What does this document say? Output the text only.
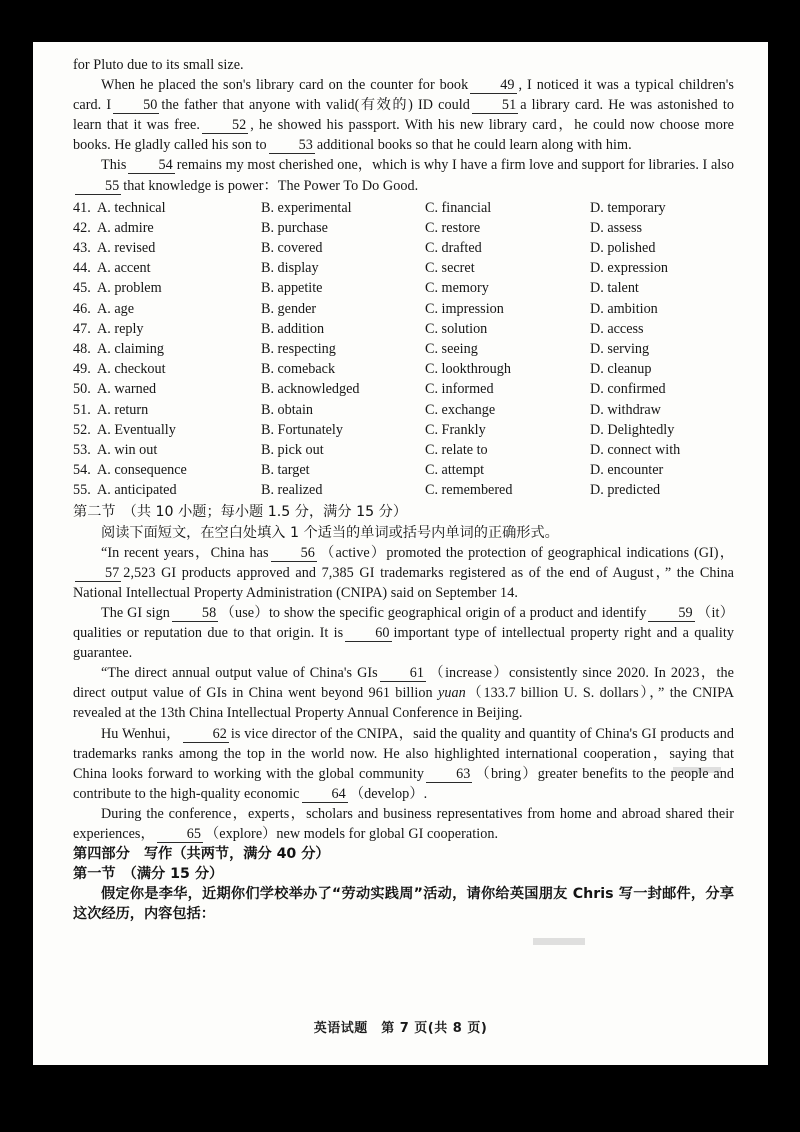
for Pluto due to its small size.

When he placed the son's library card on the counter for book 49 , I noticed it was a typical children's card. I 50 the father that anyone with valid(有效的) ID could 51 a library card. He was astonished to learn that it was free. 52 , he showed his passport. With his new library card，he could now choose more books. He gladly called his son to 53 additional books so that he could learn along with him.

This 54 remains my most cherished one，which is why I have a firm love and support for libraries. I also55 that knowledge is power：The Power To Do Good.

41. A. technical	B. experimental	C. financial	D. temporary
42. A. admire	B. purchase	C. restore	D. assess
43. A. revised	B. covered	C. drafted	D. polished
44. A. accent	B. display	C. secret	D. expression
45. A. problem	B. appetite	C. memory	D. talent
46. A. age	B. gender	C. impression	D. ambition
47. A. reply	B. addition	C. solution	D. access
48. A. claiming	B. respecting	C. seeing	D. serving
49. A. checkout	B. comeback	C. lookthrough	D. cleanup
50. A. warned	B. acknowledged	C. informed	D. confirmed
51. A. return	B. obtain	C. exchange	D. withdraw
52. A. Eventually	B. Fortunately	C. Frankly	D. Delightedly
53. A. win out	B. pick out	C. relate to	D. connect with
54. A. consequence	B. target	C. attempt	D. encounter
55. A. anticipated	B. realized	C. remembered	D. predicted

第二节　（共 10 小题；每小题 1.5 分，满分 15 分）

阅读下面短文，在空白处填入 1 个适当的单词或括号内单词的正确形式。

“In recent years，China has 56 （active）promoted the protection of geographical indications (GI)，57 2,523 GI products approved and 7,385 GI trademarks registered as of the end of August，” the China National Intellectual Property Administration (CNIPA) said on September 14.

The GI sign 58 （use）to show the specific geographical origin of a product and identify 59 （it）qualities or reputation due to that origin. It is 60 important type of intellectual property right and a quality guarantee.

“The direct annual output value of China's GIs 61 （increase）consistently since 2020. In 2023，the direct output value of GIs in China went beyond 961 billion yuan（133.7 billion U. S. dollars），” the CNIPA revealed at the 13th China Intellectual Property Annual Conference in Beijing.

Hu Wenhui， 62 is vice director of the CNIPA，said the quality and quantity of China's GI products and trademarks ranks among the top in the world now. He also highlighted international cooperation，saying that China looks forward to working with the global community 63 （bring）greater benefits to the people and contribute to the high-quality economic 64 （develop）.

During the conference，experts，scholars and business representatives from home and abroad shared their experiences， 65 （explore）new models for global GI cooperation.

第四部分　写作（共两节，满分 40 分）

第一节　（满分 15 分）

假定你是李华，近期你们学校举办了“劳动实践周”活动，请你给英国朋友 Chris 写一封邮件，分享这次经历，内容包括：

英语试题　第 7 页(共 8 页)
